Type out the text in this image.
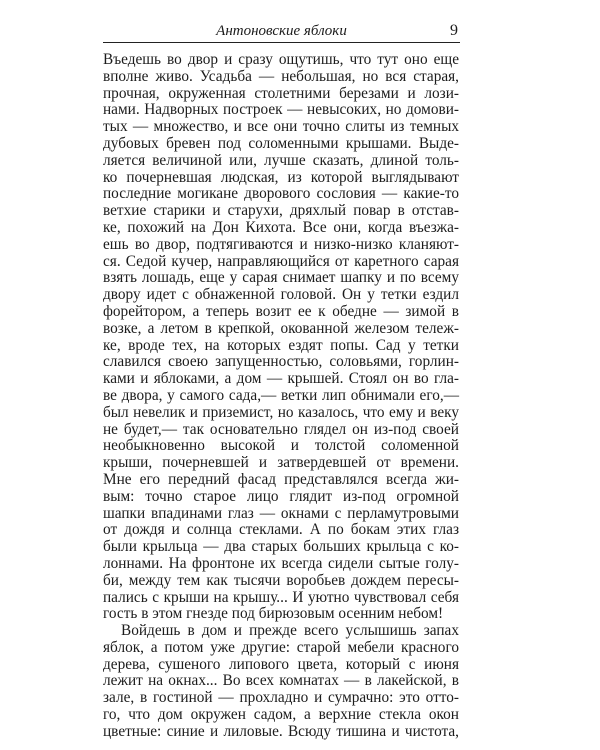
Антоновские яблоки	9
Въедешь во двор и сразу ощутишь, что тут оно еще
вполне живо. Усадьба — небольшая, но вся старая,
прочная, окруженная столетними березами и лози-
нами. Надворных построек — невысоких, но домови-
тых — множество, и все они точно слиты из темных
дубовых бревен под соломенными крышами. Выде-
ляется величиной или, лучше сказать, длиной толь-
ко почерневшая людская, из которой выглядывают
последние могикане дворового сословия — какие-то
ветхие старики и старухи, дряхлый повар в отстав-
ке, похожий на Дон Кихота. Все они, когда въезжа-
ешь во двор, подтягиваются и низко-низко кланяют-
ся. Седой кучер, направляющийся от каретного сарая
взять лошадь, еще у сарая снимает шапку и по всему
двору идет с обнаженной головой. Он у тетки ездил
форейтором, а теперь возит ее к обедне — зимой в
возке, а летом в крепкой, окованной железом тележ-
ке, вроде тех, на которых ездят попы. Сад у тетки
славился своею запущенностью, соловьями, горлин-
ками и яблоками, а дом — крышей. Стоял он во гла-
ве двора, у самого сада,— ветки лип обнимали его,—
был невелик и приземист, но казалось, что ему и веку
не будет,— так основательно глядел он из-под своей
необыкновенно высокой и толстой соломенной
крыши, почерневшей и затвердевшей от времени.
Мне его передний фасад представлялся всегда жи-
вым: точно старое лицо глядит из-под огромной
шапки впадинами глаз — окнами с перламутровыми
от дождя и солнца стеклами. А по бокам этих глаз
были крыльца — два старых больших крыльца с ко-
лоннами. На фронтоне их всегда сидели сытые голу-
би, между тем как тысячи воробьев дождем пересы-
пались с крыши на крышу... И уютно чувствовал себя
гость в этом гнезде под бирюзовым осенним небом!
Войдешь в дом и прежде всего услышишь запах
яблок, а потом уже другие: старой мебели красного
дерева, сушеного липового цвета, который с июня
лежит на окнах... Во всех комнатах — в лакейской, в
зале, в гостиной — прохладно и сумрачно: это отто-
го, что дом окружен садом, а верхние стекла окон
цветные: синие и лиловые. Всюду тишина и чистота,
